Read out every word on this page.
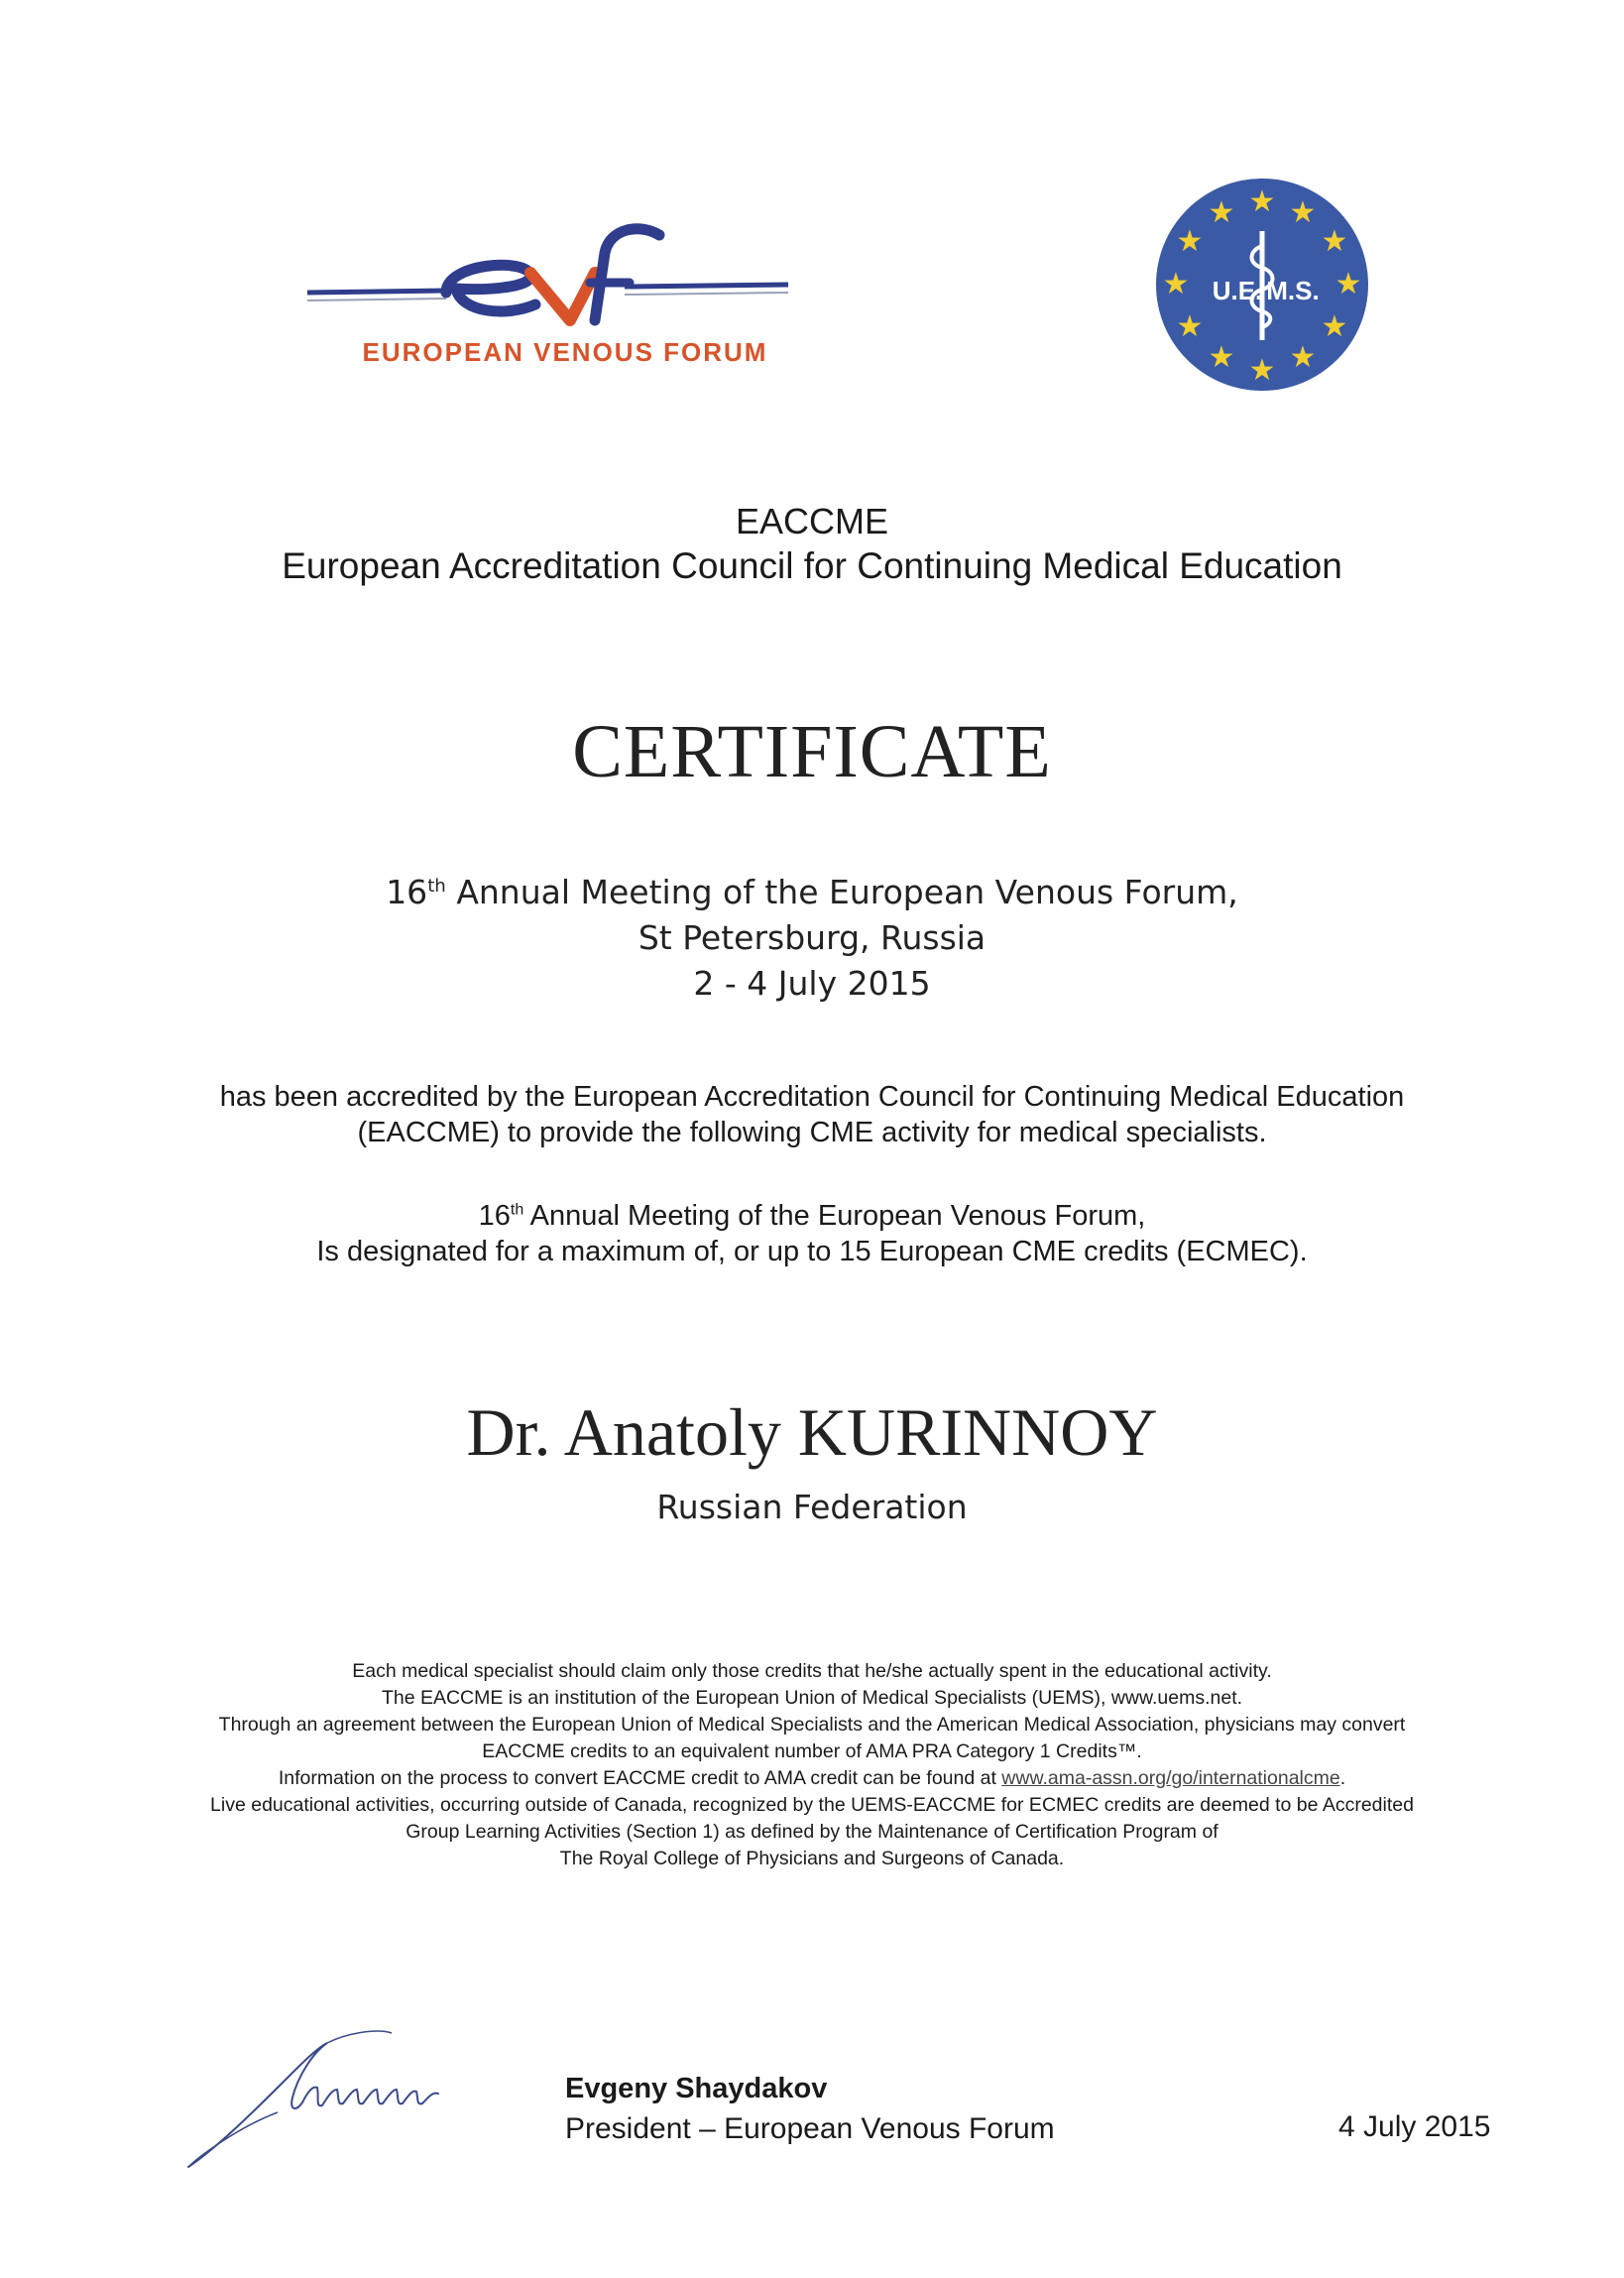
EUROPEAN VENOUS FORUM
★ ★
★
★
★
★
★
★
★
★
★
★
U.E. M.S.
EACCME
European Accreditation Council for Continuing Medical Education
CERTIFICATE
16th Annual Meeting of the European Venous Forum,
St Petersburg, Russia
2 - 4 July 2015
has been accredited by the European Accreditation Council for Continuing Medical Education
(EACCME) to provide the following CME activity for medical specialists.
16th Annual Meeting of the European Venous Forum,
Is designated for a maximum of, or up to 15 European CME credits (ECMEC).
Dr. Anatoly KURINNOY
Russian Federation
Each medical specialist should claim only those credits that he/she actually spent in the educational activity.
The EACCME is an institution of the European Union of Medical Specialists (UEMS), www.uems.net.
Through an agreement between the European Union of Medical Specialists and the American Medical Association, physicians may convert
EACCME credits to an equivalent number of AMA PRA Category 1 Credits™.
Information on the process to convert EACCME credit to AMA credit can be found at www.ama-assn.org/go/internationalcme.
Live educational activities, occurring outside of Canada, recognized by the UEMS-EACCME for ECMEC credits are deemed to be Accredited
Group Learning Activities (Section 1) as defined by the Maintenance of Certification Program of
The Royal College of Physicians and Surgeons of Canada.
Evgeny Shaydakov
President – European Venous Forum	4 July 2015
